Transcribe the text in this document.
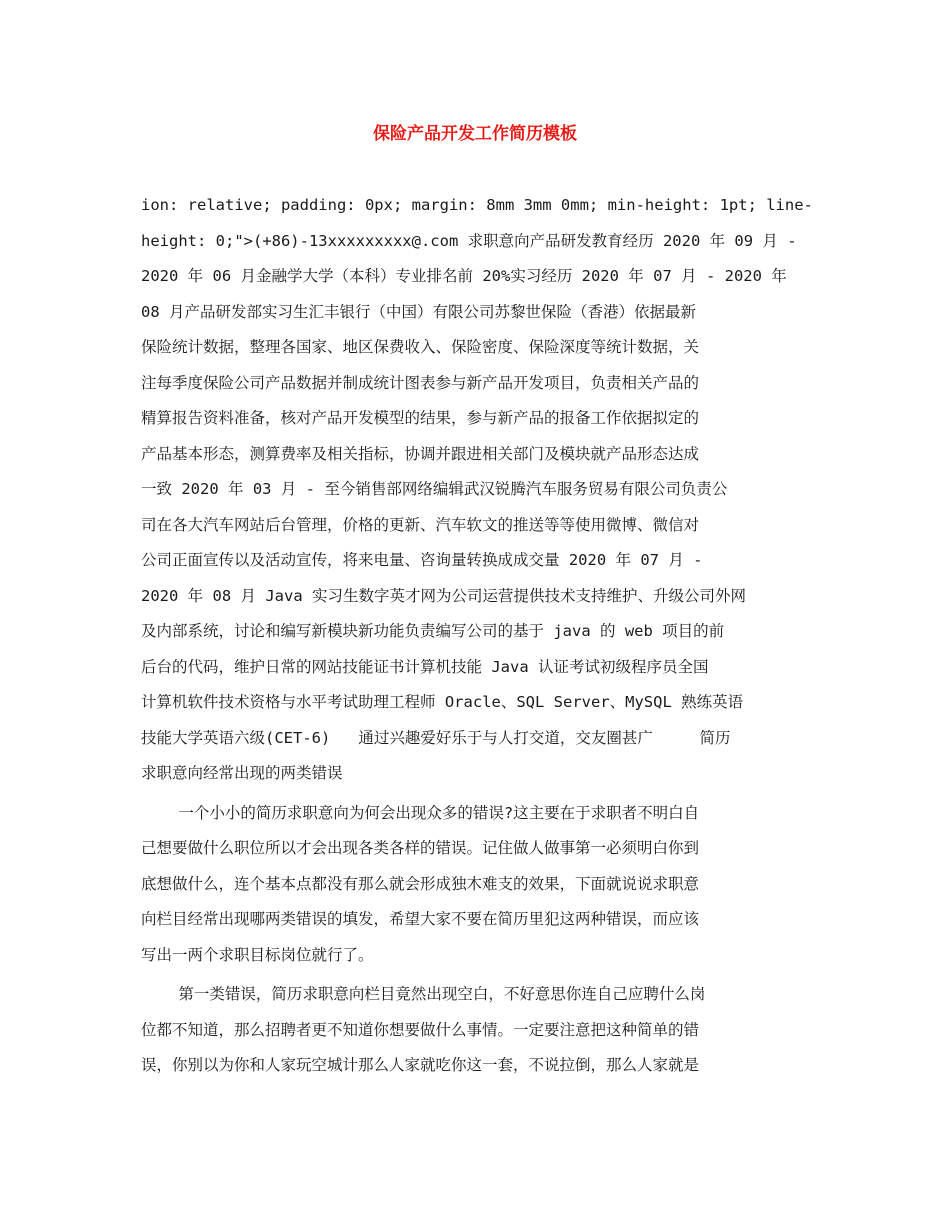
保险产品开发工作简历模板
ion: relative; padding: 0px; margin: 8mm 3mm 0mm; min-height: 1pt; line-
height: 0;">(+86)-13xxxxxxxxx@.com 求职意向产品研发教育经历 2020 年 09 月 -
2020 年 06 月金融学大学（本科）专业排名前 20%实习经历 2020 年 07 月 - 2020 年
08 月产品研发部实习生汇丰银行（中国）有限公司苏黎世保险（香港）依据最新
保险统计数据，整理各国家、地区保费收入、保险密度、保险深度等统计数据，关
注每季度保险公司产品数据并制成统计图表参与新产品开发项目，负责相关产品的
精算报告资料准备，核对产品开发模型的结果，参与新产品的报备工作依据拟定的
产品基本形态，测算费率及相关指标，协调并跟进相关部门及模块就产品形态达成
一致 2020 年 03 月 - 至今销售部网络编辑武汉锐腾汽车服务贸易有限公司负责公
司在各大汽车网站后台管理，价格的更新、汽车软文的推送等等使用微博、微信对
公司正面宣传以及活动宣传，将来电量、咨询量转换成成交量 2020 年 07 月 -
2020 年 08 月 Java 实习生数字英才网为公司运营提供技术支持维护、升级公司外网
及内部系统，讨论和编写新模块新功能负责编写公司的基于 java 的 web 项目的前
后台的代码，维护日常的网站技能证书计算机技能 Java 认证考试初级程序员全国
计算机软件技术资格与水平考试助理工程师 Oracle、SQL Server、MySQL 熟练英语
技能大学英语六级(CET-6)   通过兴趣爱好乐于与人打交道，交友圈甚广     简历
求职意向经常出现的两类错误
一个小小的简历求职意向为何会出现众多的错误?这主要在于求职者不明白自
己想要做什么职位所以才会出现各类各样的错误。记住做人做事第一必须明白你到
底想做什么，连个基本点都没有那么就会形成独木难支的效果，下面就说说求职意
向栏目经常出现哪两类错误的填发，希望大家不要在简历里犯这两种错误，而应该
写出一两个求职目标岗位就行了。
第一类错误，简历求职意向栏目竟然出现空白，不好意思你连自己应聘什么岗
位都不知道，那么招聘者更不知道你想要做什么事情。一定要注意把这种简单的错
误，你别以为你和人家玩空城计那么人家就吃你这一套，不说拉倒，那么人家就是
